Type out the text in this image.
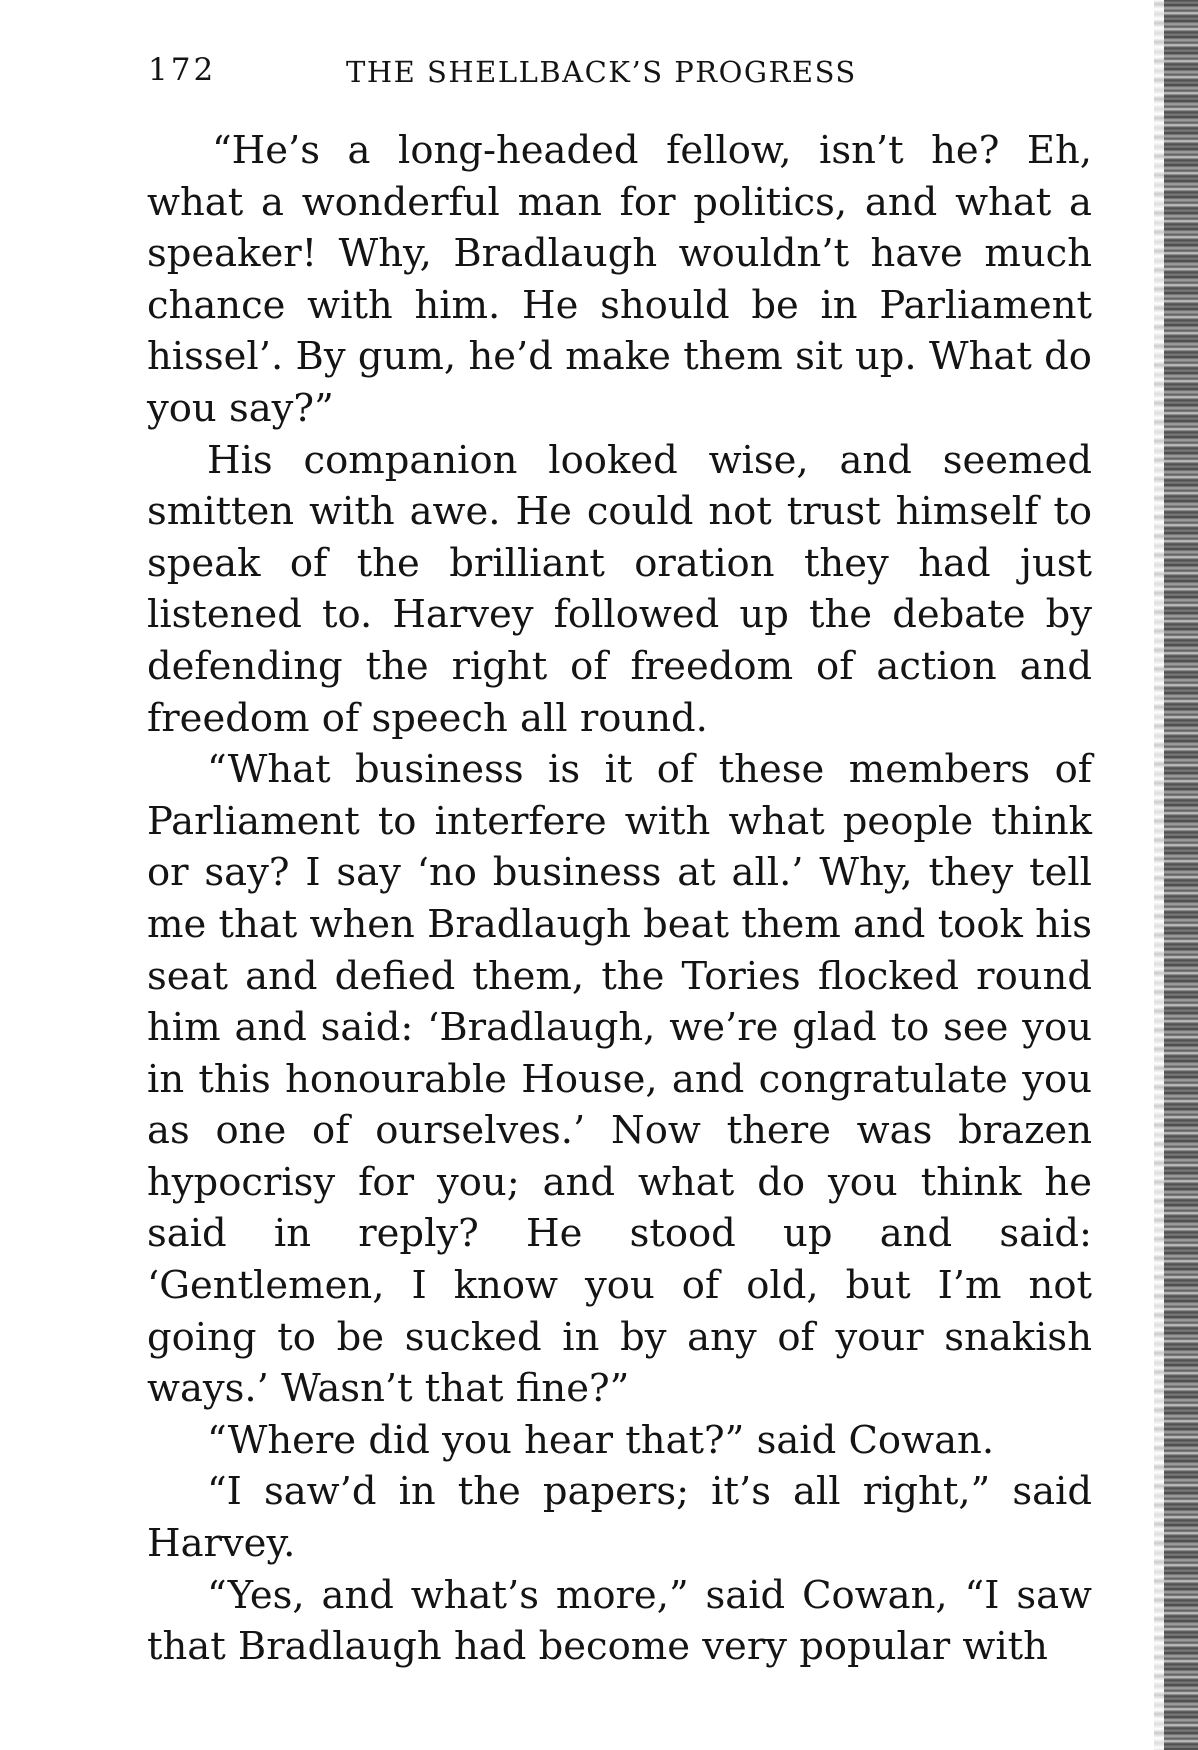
172	THE SHELLBACK’S PROGRESS

“He’s a long-headed fellow, isn’t he? Eh, what a wonderful man for politics, and what a speaker! Why, Bradlaugh wouldn’t have much chance with him. He should be in Parliament hissel’. By gum, he’d make them sit up. What do you say?”

His companion looked wise, and seemed smitten with awe. He could not trust himself to speak of the brilliant oration they had just listened to. Harvey followed up the debate by defending the right of freedom of action and freedom of speech all round.

“What business is it of these members of Parliament to interfere with what people think or say? I say ‘no business at all.’ Why, they tell me that when Bradlaugh beat them and took his seat and defied them, the Tories flocked round him and said: ‘Bradlaugh, we’re glad to see you in this honourable House, and congratulate you as one of ourselves.’ Now there was brazen hypocrisy for you; and what do you think he said in reply? He stood up and said: ‘Gentlemen, I know you of old, but I’m not going to be sucked in by any of your snakish ways.’ Wasn’t that fine?”

“Where did you hear that?” said Cowan.

“I saw’d in the papers; it’s all right,” said Harvey.

“Yes, and what’s more,” said Cowan, “I saw that Bradlaugh had become very popular with
